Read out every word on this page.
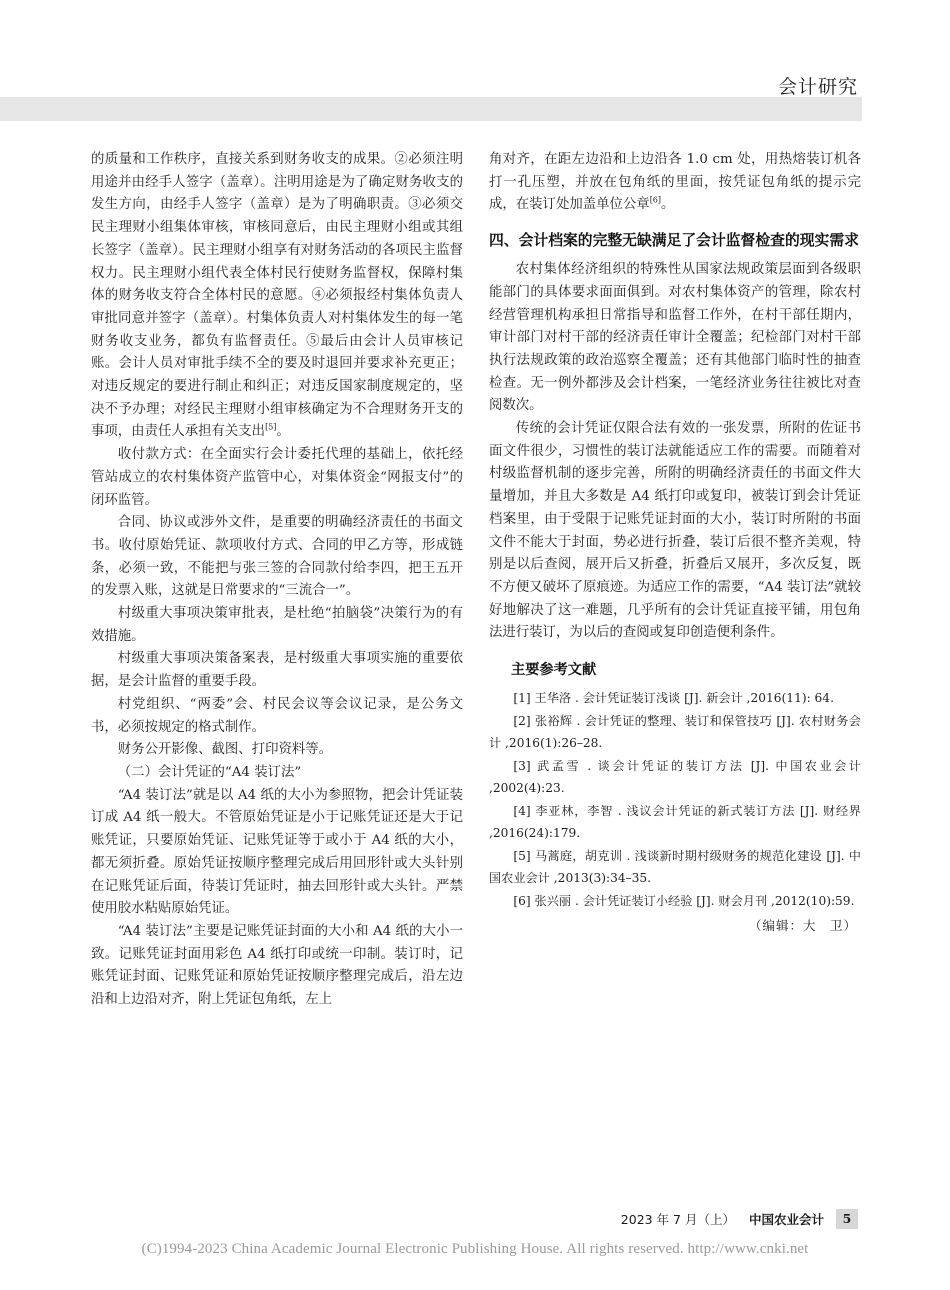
会计研究

的质量和工作秩序，直接关系到财务收支的成果。②必须注明用途并由经手人签字（盖章）。注明用途是为了确定财务收支的发生方向，由经手人签字（盖章）是为了明确职责。③必须交民主理财小组集体审核，审核同意后，由民主理财小组或其组长签字（盖章）。民主理财小组享有对财务活动的各项民主监督权力。民主理财小组代表全体村民行使财务监督权，保障村集体的财务收支符合全体村民的意愿。④必须报经村集体负责人审批同意并签字（盖章）。村集体负责人对村集体发生的每一笔财务收支业务，都负有监督责任。⑤最后由会计人员审核记账。会计人员对审批手续不全的要及时退回并要求补充更正；对违反规定的要进行制止和纠正；对违反国家制度规定的，坚决不予办理；对经民主理财小组审核确定为不合理财务开支的事项，由责任人承担有关支出[5]。

收付款方式：在全面实行会计委托代理的基础上，依托经管站成立的农村集体资产监管中心，对集体资金“网报支付”的闭环监管。

合同、协议或涉外文件，是重要的明确经济责任的书面文书。收付原始凭证、款项收付方式、合同的甲乙方等，形成链条，必须一致，不能把与张三签的合同款付给李四，把王五开的发票入账，这就是日常要求的“三流合一”。

村级重大事项决策审批表，是杜绝“拍脑袋”决策行为的有效措施。

村级重大事项决策备案表，是村级重大事项实施的重要依据，是会计监督的重要手段。

村党组织、“两委”会、村民会议等会议记录，是公务文书，必须按规定的格式制作。

财务公开影像、截图、打印资料等。

（二）会计凭证的“A4 装订法”

“A4 装订法”就是以 A4 纸的大小为参照物，把会计凭证装订成 A4 纸一般大。不管原始凭证是小于记账凭证还是大于记账凭证，只要原始凭证、记账凭证等于或小于 A4 纸的大小，都无须折叠。原始凭证按顺序整理完成后用回形针或大头针别在记账凭证后面，待装订凭证时，抽去回形针或大头针。严禁使用胶水粘贴原始凭证。

“A4 装订法”主要是记账凭证封面的大小和 A4 纸的大小一致。记账凭证封面用彩色 A4 纸打印或统一印制。装订时，记账凭证封面、记账凭证和原始凭证按顺序整理完成后，沿左边沿和上边沿对齐，附上凭证包角纸，左上

角对齐，在距左边沿和上边沿各 1.0 cm 处，用热熔装订机各打一孔压塑，并放在包角纸的里面，按凭证包角纸的提示完成，在装订处加盖单位公章[6]。

四、会计档案的完整无缺满足了会计监督检查的现实需求

农村集体经济组织的特殊性从国家法规政策层面到各级职能部门的具体要求面面俱到。对农村集体资产的管理，除农村经营管理机构承担日常指导和监督工作外，在村干部任期内，审计部门对村干部的经济责任审计全覆盖；纪检部门对村干部执行法规政策的政治巡察全覆盖；还有其他部门临时性的抽查检查。无一例外都涉及会计档案，一笔经济业务往往被比对查阅数次。

传统的会计凭证仅限合法有效的一张发票，所附的佐证书面文件很少，习惯性的装订法就能适应工作的需要。而随着对村级监督机制的逐步完善，所附的明确经济责任的书面文件大量增加，并且大多数是 A4 纸打印或复印，被装订到会计凭证档案里，由于受限于记账凭证封面的大小，装订时所附的书面文件不能大于封面，势必进行折叠，装订后很不整齐美观，特别是以后查阅，展开后又折叠，折叠后又展开，多次反复，既不方便又破坏了原痕迹。为适应工作的需要，“A4 装订法”就较好地解决了这一难题，几乎所有的会计凭证直接平铺，用包角法进行装订，为以后的查阅或复印创造便利条件。

主要参考文献
[1] 王华洛 . 会计凭证装订浅谈 [J]. 新会计 ,2016(11): 64.
[2] 张裕辉 . 会计凭证的整理、装订和保管技巧 [J]. 农村财务会计 ,2016(1):26–28.
[3] 武孟雪 . 谈会计凭证的装订方法 [J]. 中国农业会计 ,2002(4):23.
[4] 李亚林，李智 . 浅议会计凭证的新式装订方法 [J]. 财经界 ,2016(24):179.
[5] 马蒿庭，胡克训 . 浅谈新时期村级财务的规范化建设 [J]. 中国农业会计 ,2013(3):34–35.
[6] 张兴丽 . 会计凭证装订小经验 [J]. 财会月刊 ,2012(10):59.
（编辑：大　卫）
2023 年 7 月（上） 中国农业会计	5
(C)1994-2023 China Academic Journal Electronic Publishing House. All rights reserved. http://www.cnki.net
